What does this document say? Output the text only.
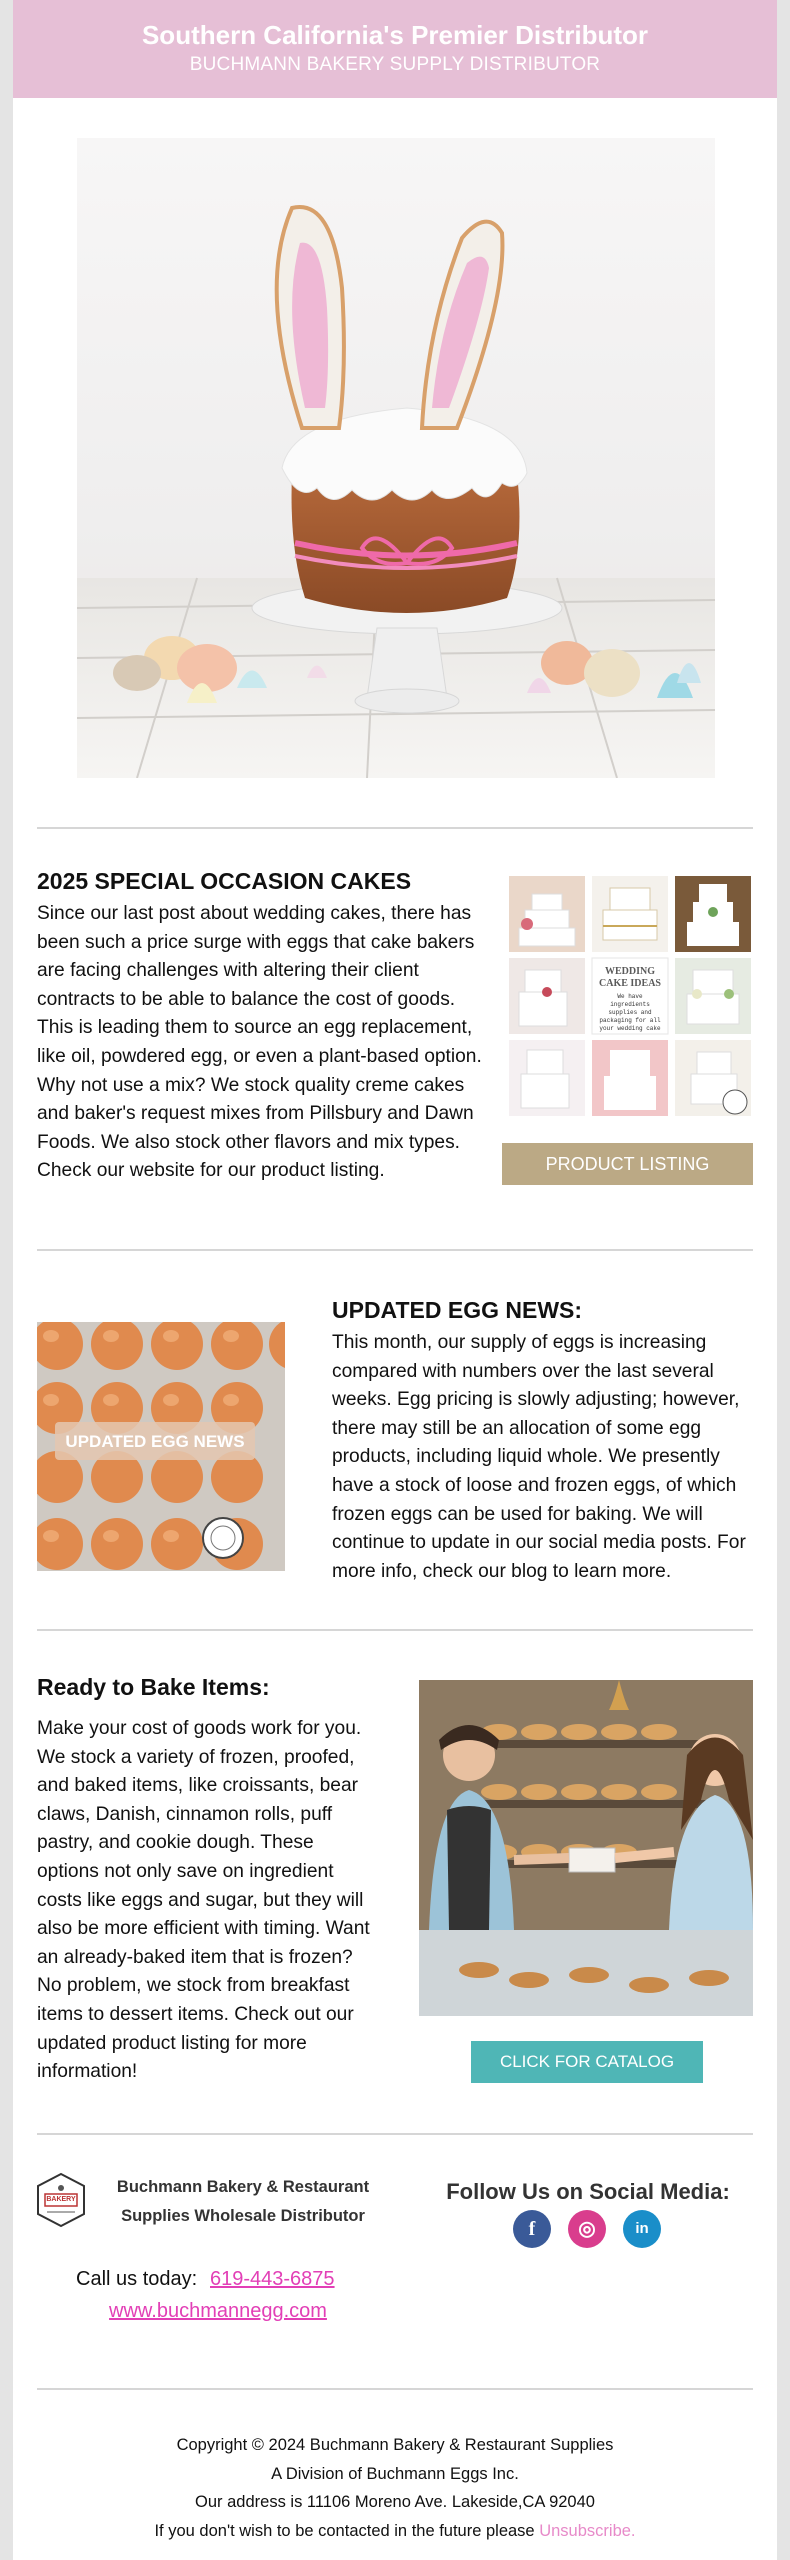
Southern California's Premier Distributor
BUCHMANN BAKERY SUPPLY DISTRIBUTOR
2025 SPECIAL OCCASION CAKES
Since our last post about wedding cakes, there has been such a price surge with eggs that cake bakers are facing challenges with altering their client contracts to be able to balance the cost of goods. This is leading them to source an egg replacement, like oil, powdered egg, or even a plant-based option. Why not use a mix? We stock quality creme cakes and baker's request mixes from Pillsbury and Dawn Foods. We also stock other flavors and mix types. Check our website for our product listing.
WEDDING
CAKE IDEAS
We have
ingredients
supplies and
packaging for all
your wedding cake
PRODUCT LISTING
UPDATED EGG NEWS
UPDATED EGG NEWS:
This month, our supply of eggs is increasing compared with numbers over the last several weeks. Egg pricing is slowly adjusting; however, there may still be an allocation of some egg products, including liquid whole. We presently have a stock of loose and frozen eggs, of which frozen eggs can be used for baking. We will continue to update in our social media posts. For more info, check our blog to learn more.
Ready to Bake Items:
Make your cost of goods work for you. We stock a variety of frozen, proofed, and baked items, like croissants, bear claws, Danish, cinnamon rolls, puff pastry, and cookie dough. These options not only save on ingredient costs like eggs and sugar, but they will also be more efficient with timing. Want an already-baked item that is frozen? No problem, we stock from breakfast items to dessert items. Check out our updated product listing for more information!	CLICK FOR CATALOG
BAKERY
Buchmann Bakery & Restaurant
Supplies Wholesale Distributor
Call us today: 619-443-6875
www.buchmannegg.com
Follow Us on Social Media:
f	◎	in
Copyright © 2024 Buchmann Bakery & Restaurant Supplies
A Division of Buchmann Eggs Inc.
Our address is 11106 Moreno Ave. Lakeside,CA 92040
If you don't wish to be contacted in the future please Unsubscribe.
